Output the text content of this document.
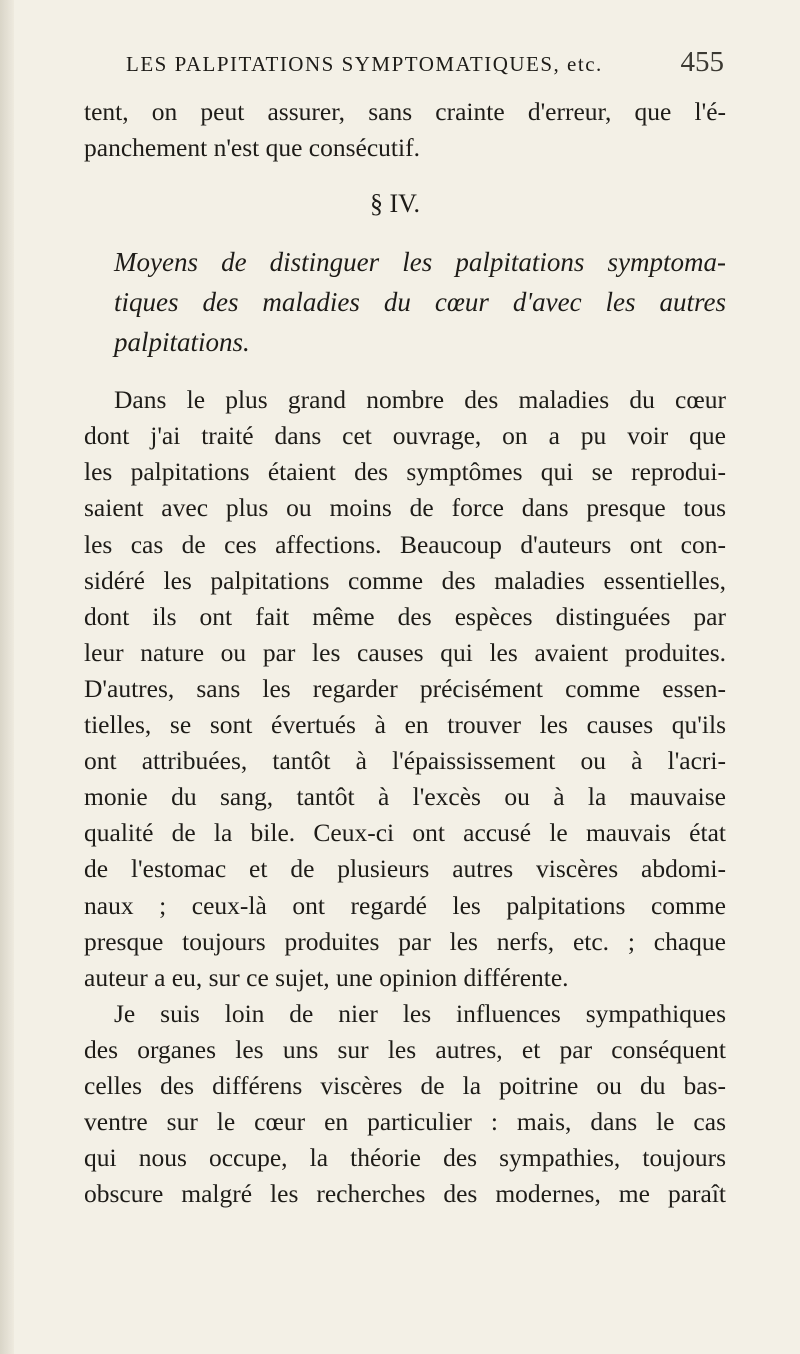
LES PALPITATIONS SYMPTOMATIQUES, etc.	455
tent, on peut assurer, sans crainte d'erreur, que l'é-
panchement n'est que consécutif.
§ IV.
Moyens de distinguer les palpitations symptoma-
tiques des maladies du cœur d'avec les autres
palpitations.
Dans le plus grand nombre des maladies du cœur
dont j'ai traité dans cet ouvrage, on a pu voir que
les palpitations étaient des symptômes qui se reprodui-
saient avec plus ou moins de force dans presque tous
les cas de ces affections. Beaucoup d'auteurs ont con-
sidéré les palpitations comme des maladies essentielles,
dont ils ont fait même des espèces distinguées par
leur nature ou par les causes qui les avaient produites.
D'autres, sans les regarder précisément comme essen-
tielles, se sont évertués à en trouver les causes qu'ils
ont attribuées, tantôt à l'épaississement ou à l'acri-
monie du sang, tantôt à l'excès ou à la mauvaise
qualité de la bile. Ceux-ci ont accusé le mauvais état
de l'estomac et de plusieurs autres viscères abdomi-
naux ; ceux-là ont regardé les palpitations comme
presque toujours produites par les nerfs, etc. ; chaque
auteur a eu, sur ce sujet, une opinion différente.
Je suis loin de nier les influences sympathiques
des organes les uns sur les autres, et par conséquent
celles des différens viscères de la poitrine ou du bas-
ventre sur le cœur en particulier : mais, dans le cas
qui nous occupe, la théorie des sympathies, toujours
obscure malgré les recherches des modernes, me paraît
